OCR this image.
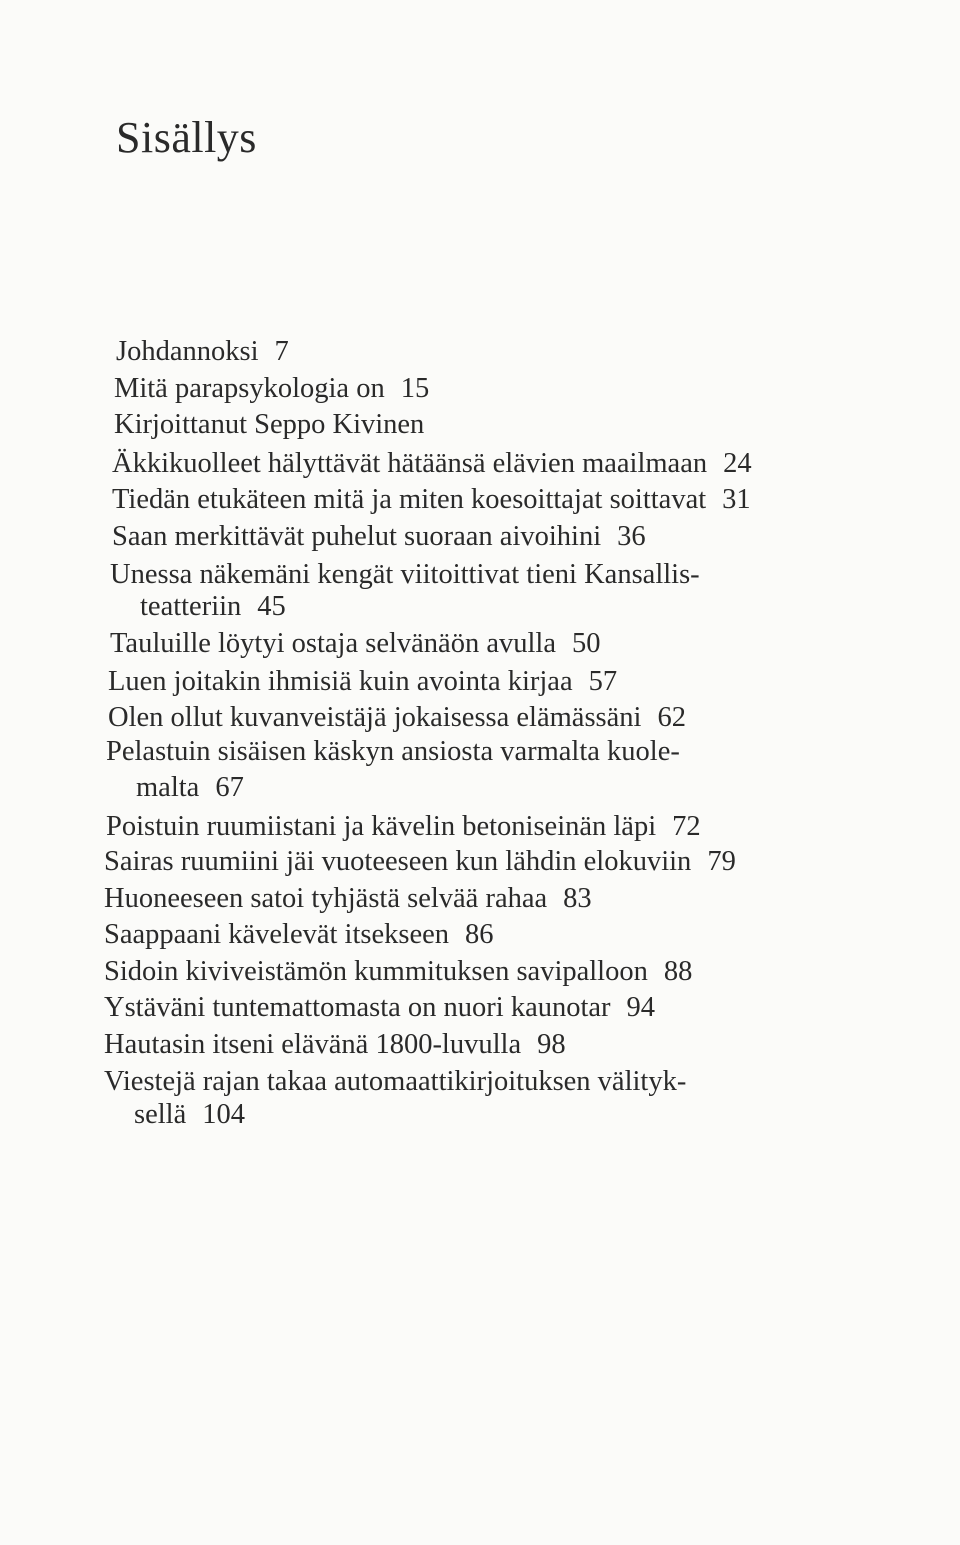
Sisällys
Johdannoksi 7
Mitä parapsykologia on 15
Kirjoittanut Seppo Kivinen
Äkkikuolleet hälyttävät hätäänsä elävien maailmaan 24
Tiedän etukäteen mitä ja miten koesoittajat soittavat 31
Saan merkittävät puhelut suoraan aivoihini 36
Unessa näkemäni kengät viitoittivat tieni Kansallis-
teatteriin 45
Tauluille löytyi ostaja selvänäön avulla 50
Luen joitakin ihmisiä kuin avointa kirjaa 57
Olen ollut kuvanveistäjä jokaisessa elämässäni 62
Pelastuin sisäisen käskyn ansiosta varmalta kuole-
malta 67
Poistuin ruumiistani ja kävelin betoniseinän läpi 72
Sairas ruumiini jäi vuoteeseen kun lähdin elokuviin 79
Huoneeseen satoi tyhjästä selvää rahaa 83
Saappaani kävelevät itsekseen 86
Sidoin kiviveistämön kummituksen savipalloon 88
Ystäväni tuntemattomasta on nuori kaunotar 94
Hautasin itseni elävänä 1800-luvulla 98
Viestejä rajan takaa automaattikirjoituksen välityk-
sellä 104
